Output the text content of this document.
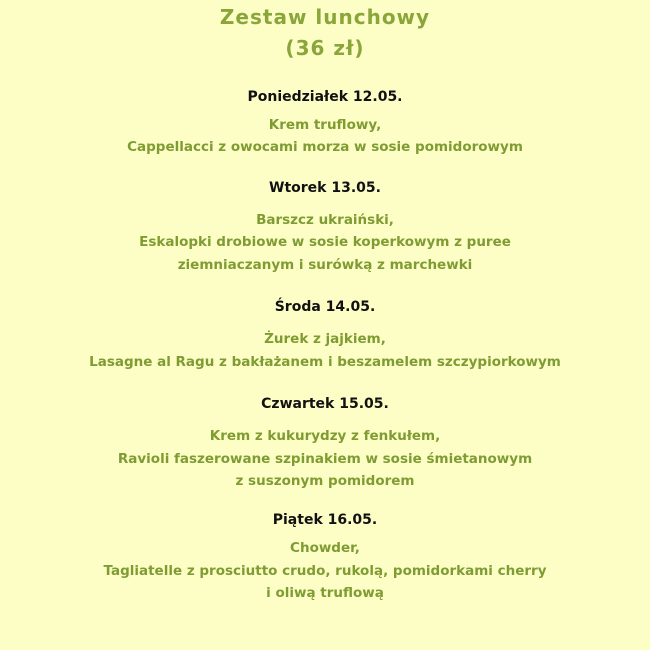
Zestaw lunchowy
(36 zł)
Poniedziałek 12.05.
Krem truflowy,
Cappellacci z owocami morza w sosie pomidorowym
Wtorek 13.05.
Barszcz ukraiński,
Eskalopki drobiowe w sosie koperkowym z puree
ziemniaczanym i surówką z marchewki
Środa 14.05.
Żurek z jajkiem,
Lasagne al Ragu z bakłażanem i beszamelem szczypiorkowym
Czwartek 15.05.
Krem z kukurydzy z fenkułem,
Ravioli faszerowane szpinakiem w sosie śmietanowym
z suszonym pomidorem
Piątek 16.05.
Chowder,
Tagliatelle z prosciutto crudo, rukolą, pomidorkami cherry
i oliwą truflową
